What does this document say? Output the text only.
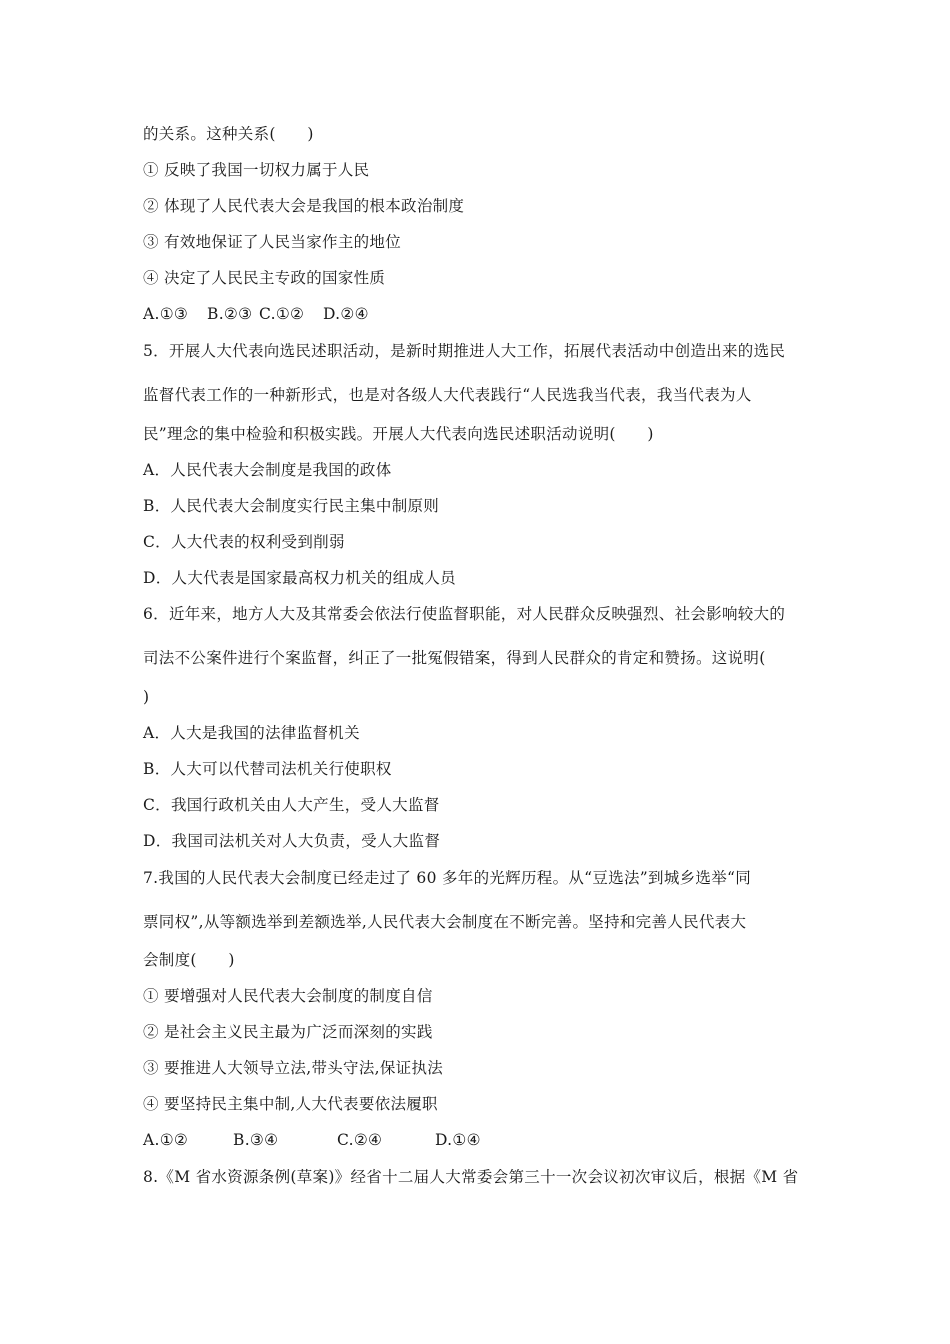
的关系。这种关系(　　)
① 反映了我国一切权力属于人民
② 体现了人民代表大会是我国的根本政治制度
③ 有效地保证了人民当家作主的地位
④ 决定了人民民主专政的国家性质
A.①③ B.②③ C.①② D.②④
5．开展人大代表向选民述职活动，是新时期推进人大工作，拓展代表活动中创造出来的选民
监督代表工作的一种新形式，也是对各级人大代表践行“人民选我当代表，我当代表为人
民”理念的集中检验和积极实践。开展人大代表向选民述职活动说明(　　)
A．人民代表大会制度是我国的政体
B．人民代表大会制度实行民主集中制原则
C．人大代表的权利受到削弱
D．人大代表是国家最高权力机关的组成人员
6．近年来，地方人大及其常委会依法行使监督职能，对人民群众反映强烈、社会影响较大的
司法不公案件进行个案监督，纠正了一批冤假错案，得到人民群众的肯定和赞扬。这说明(
)
A．人大是我国的法律监督机关
B．人大可以代替司法机关行使职权
C．我国行政机关由人大产生，受人大监督
D．我国司法机关对人大负责，受人大监督
7.我国的人民代表大会制度已经走过了 60 多年的光辉历程。从“豆选法”到城乡选举“同
票同权”,从等额选举到差额选举,人民代表大会制度在不断完善。坚持和完善人民代表大
会制度(　　)
① 要增强对人民代表大会制度的制度自信
② 是社会主义民主最为广泛而深刻的实践
③ 要推进人大领导立法,带头守法,保证执法
④ 要坚持民主集中制,人大代表要依法履职
A.①②	B.③④	C.②④	D.①④
8.《M 省水资源条例(草案)》经省十二届人大常委会第三十一次会议初次审议后，根据《M 省
